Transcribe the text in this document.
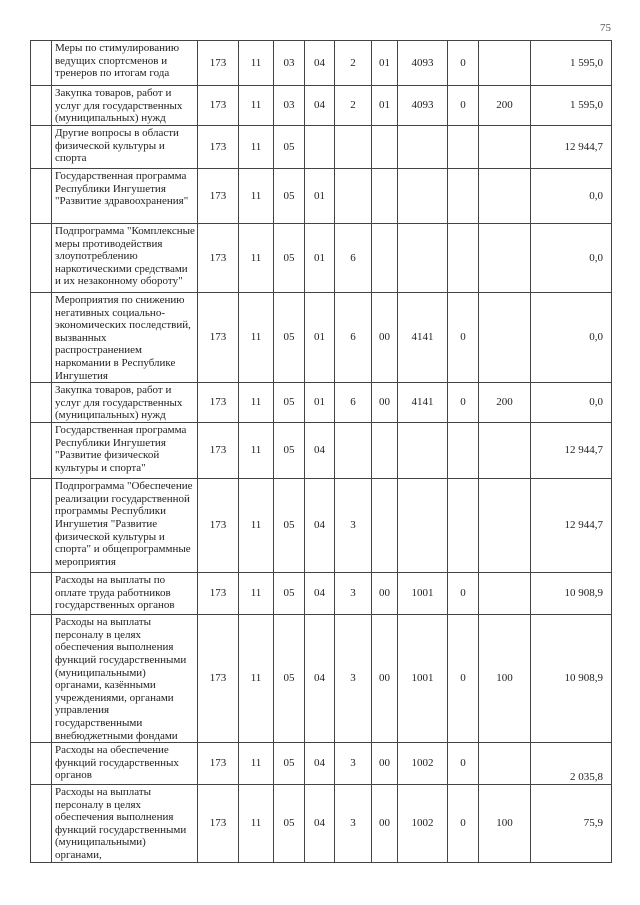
75
	Меры по стимулированию ведущих спортсменов и тренеров по итогам года	173	11	03	04	2	01	4093	0		1 595,0
	Закупка товаров, работ и услуг для государственных (муниципальных) нужд	173	11	03	04	2	01	4093	0	200	1 595,0
	Другие вопросы в области физической культуры и спорта	173	11	05							12 944,7
	Государственная программа Республики Ингушетия "Развитие здравоохранения"	173	11	05	01						0,0
	Подпрограмма "Комплексные меры противодействия злоупотреблению наркотическими средствами и их незаконному обороту"	173	11	05	01	6					0,0
	Мероприятия по снижению негативных социально-экономических последствий, вызванных распространением наркомании в Республике Ингушетия	173	11	05	01	6	00	4141	0		0,0
	Закупка товаров, работ и услуг для государственных (муниципальных) нужд	173	11	05	01	6	00	4141	0	200	0,0
	Государственная программа Республики Ингушетия "Развитие физической культуры и спорта"	173	11	05	04						12 944,7
	Подпрограмма "Обеспечение реализации государственной программы Республики Ингушетия "Развитие физической культуры и спорта" и общепрограммные мероприятия	173	11	05	04	3					12 944,7
	Расходы на выплаты по оплате труда работников государственных органов	173	11	05	04	3	00	1001	0		10 908,9
	Расходы на выплаты персоналу в целях обеспечения выполнения функций государственными (муниципальными) органами, казёнными учреждениями, органами управления государственными внебюджетными фондами	173	11	05	04	3	00	1001	0	100	10 908,9
	Расходы на обеспечение функций государственных органов	173	11	05	04	3	00	1002	0		2 035,8
	Расходы на выплаты персоналу в целях обеспечения выполнения функций государственными (муниципальными) органами,	173	11	05	04	3	00	1002	0	100	75,9
